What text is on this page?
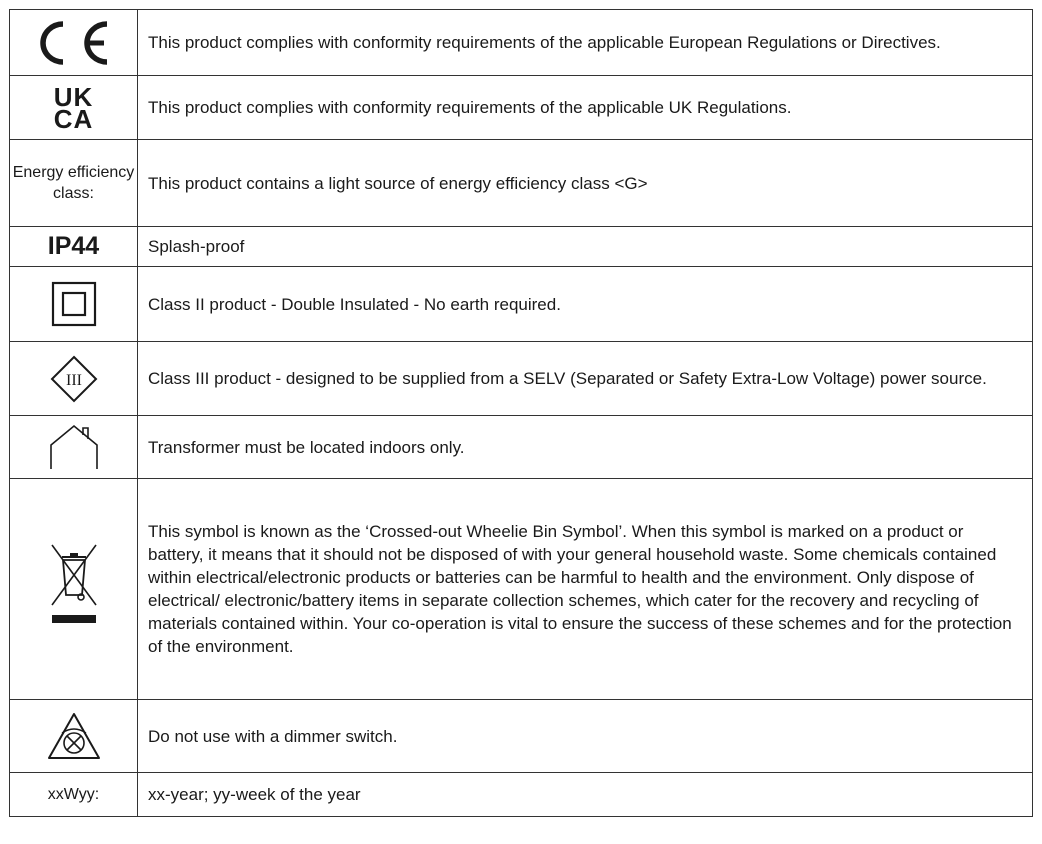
	This product complies with conformity requirements of the applicable European Regulations or Directives.
UK
CA	This product complies with conformity requirements of the applicable UK Regulations.
Energy efficiency class:	This product contains a light source of energy efficiency class <G>
IP44	Splash-proof

	Class II product - Double Insulated - No earth required.

III	Class III product - designed to be supplied from a SELV (Separated or Safety Extra-Low Voltage) power source.

	Transformer must be located indoors only.

	This symbol is known as the ‘Crossed-out Wheelie Bin Symbol’. When this symbol is marked on a product or battery, it means that it should not be disposed of with your general household waste. Some chemicals contained within electrical/electronic products or batteries can be harmful to health and the environment. Only dispose of electrical/ electronic/battery items in separate collection schemes, which cater for the recovery and recycling of materials contained within. Your co-operation is vital to ensure the success of these schemes and for the protection of the environment.

	Do not use with a dimmer switch.
xxWyy:	xx-year; yy-week of the year
